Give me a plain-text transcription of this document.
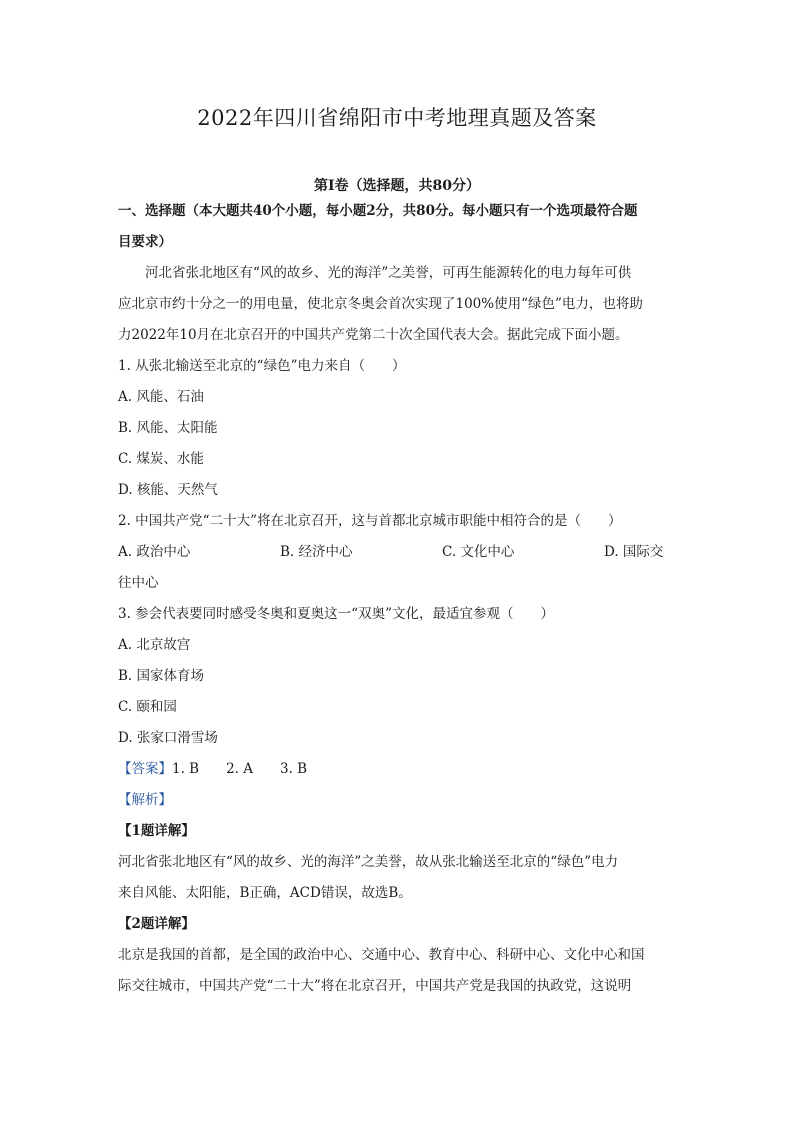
2022年四川省绵阳市中考地理真题及答案
第I卷（选择题，共80分）

一、选择题（本大题共40个小题，每小题2分，共80分。每小题只有一个选项最符合题

目要求）

河北省张北地区有“风的故乡、光的海洋”之美誉，可再生能源转化的电力每年可供

应北京市约十分之一的用电量，使北京冬奥会首次实现了100%使用“绿色”电力，也将助

力2022年10月在北京召开的中国共产党第二十次全国代表大会。据此完成下面小题。

1. 从张北输送至北京的“绿色”电力来自（　　）

A. 风能、石油

B. 风能、太阳能

C. 煤炭、水能

D. 核能、天然气

2. 中国共产党“二十大”将在北京召开，这与首都北京城市职能中相符合的是（　　）

A. 政治中心	B. 经济中心	C. 文化中心	D. 国际交

往中心

3. 参会代表要同时感受冬奥和夏奥这一“双奥”文化，最适宜参观（　　）

A. 北京故宫

B. 国家体育场

C. 颐和园

D. 张家口滑雪场

【答案】1. B　　2. A　　3. B

【解析】

【1题详解】

河北省张北地区有“风的故乡、光的海洋”之美誉，故从张北输送至北京的“绿色”电力

来自风能、太阳能，B正确，ACD错误，故选B。

【2题详解】

北京是我国的首都，是全国的政治中心、交通中心、教育中心、科研中心、文化中心和国

际交往城市，中国共产党“二十大”将在北京召开，中国共产党是我国的执政党，这说明
